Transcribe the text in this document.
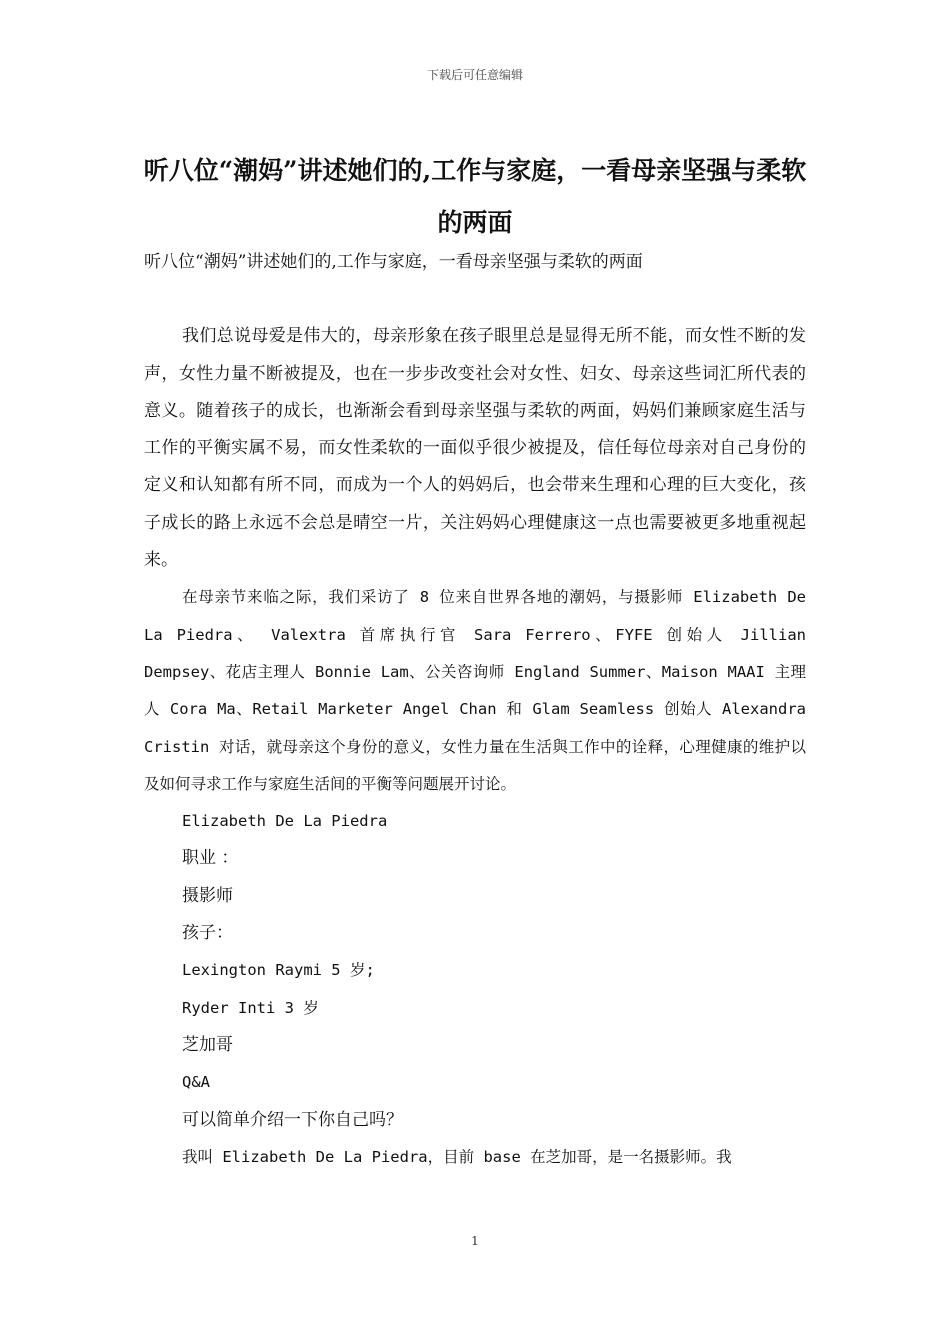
下载后可任意编辑
听八位“潮妈”讲述她们的,工作与家庭，一看母亲坚强与柔软的两面

听八位“潮妈”讲述她们的,工作与家庭，一看母亲坚强与柔软的两面

我们总说母爱是伟大的，母亲形象在孩子眼里总是显得无所不能，而女性不断的发声，女性力量不断被提及，也在一步步改变社会对女性、妇女、母亲这些词汇所代表的意义。随着孩子的成长，也渐渐会看到母亲坚强与柔软的两面，妈妈们兼顾家庭生活与工作的平衡实属不易，而女性柔软的一面似乎很少被提及，信任每位母亲对自己身份的定义和认知都有所不同，而成为一个人的妈妈后，也会带来生理和心理的巨大变化，孩子成长的路上永远不会总是晴空一片，关注妈妈心理健康这一点也需要被更多地重视起来。

在母亲节来临之际，我们采访了 8 位来自世界各地的潮妈，与摄影师 Elizabeth De La Piedra、 Valextra 首席执行官 Sara Ferrero、FYFE 创始人 Jillian Dempsey、花店主理人 Bonnie Lam、公关咨询师 England Summer、Maison MAAI 主理人 Cora Ma、Retail Marketer Angel Chan 和 Glam Seamless 创始人 Alexandra Cristin 对话，就母亲这个身份的意义，女性力量在生活與工作中的诠释，心理健康的维护以及如何寻求工作与家庭生活间的平衡等问题展开讨论。

Elizabeth De La Piedra

职业 ：

摄影师

孩子：

Lexington Raymi 5 岁;

Ryder Inti 3 岁

芝加哥

Q&A

可以简单介绍一下你自己吗？

我叫 Elizabeth De La Piedra，目前 base 在芝加哥，是一名摄影师。我

1
